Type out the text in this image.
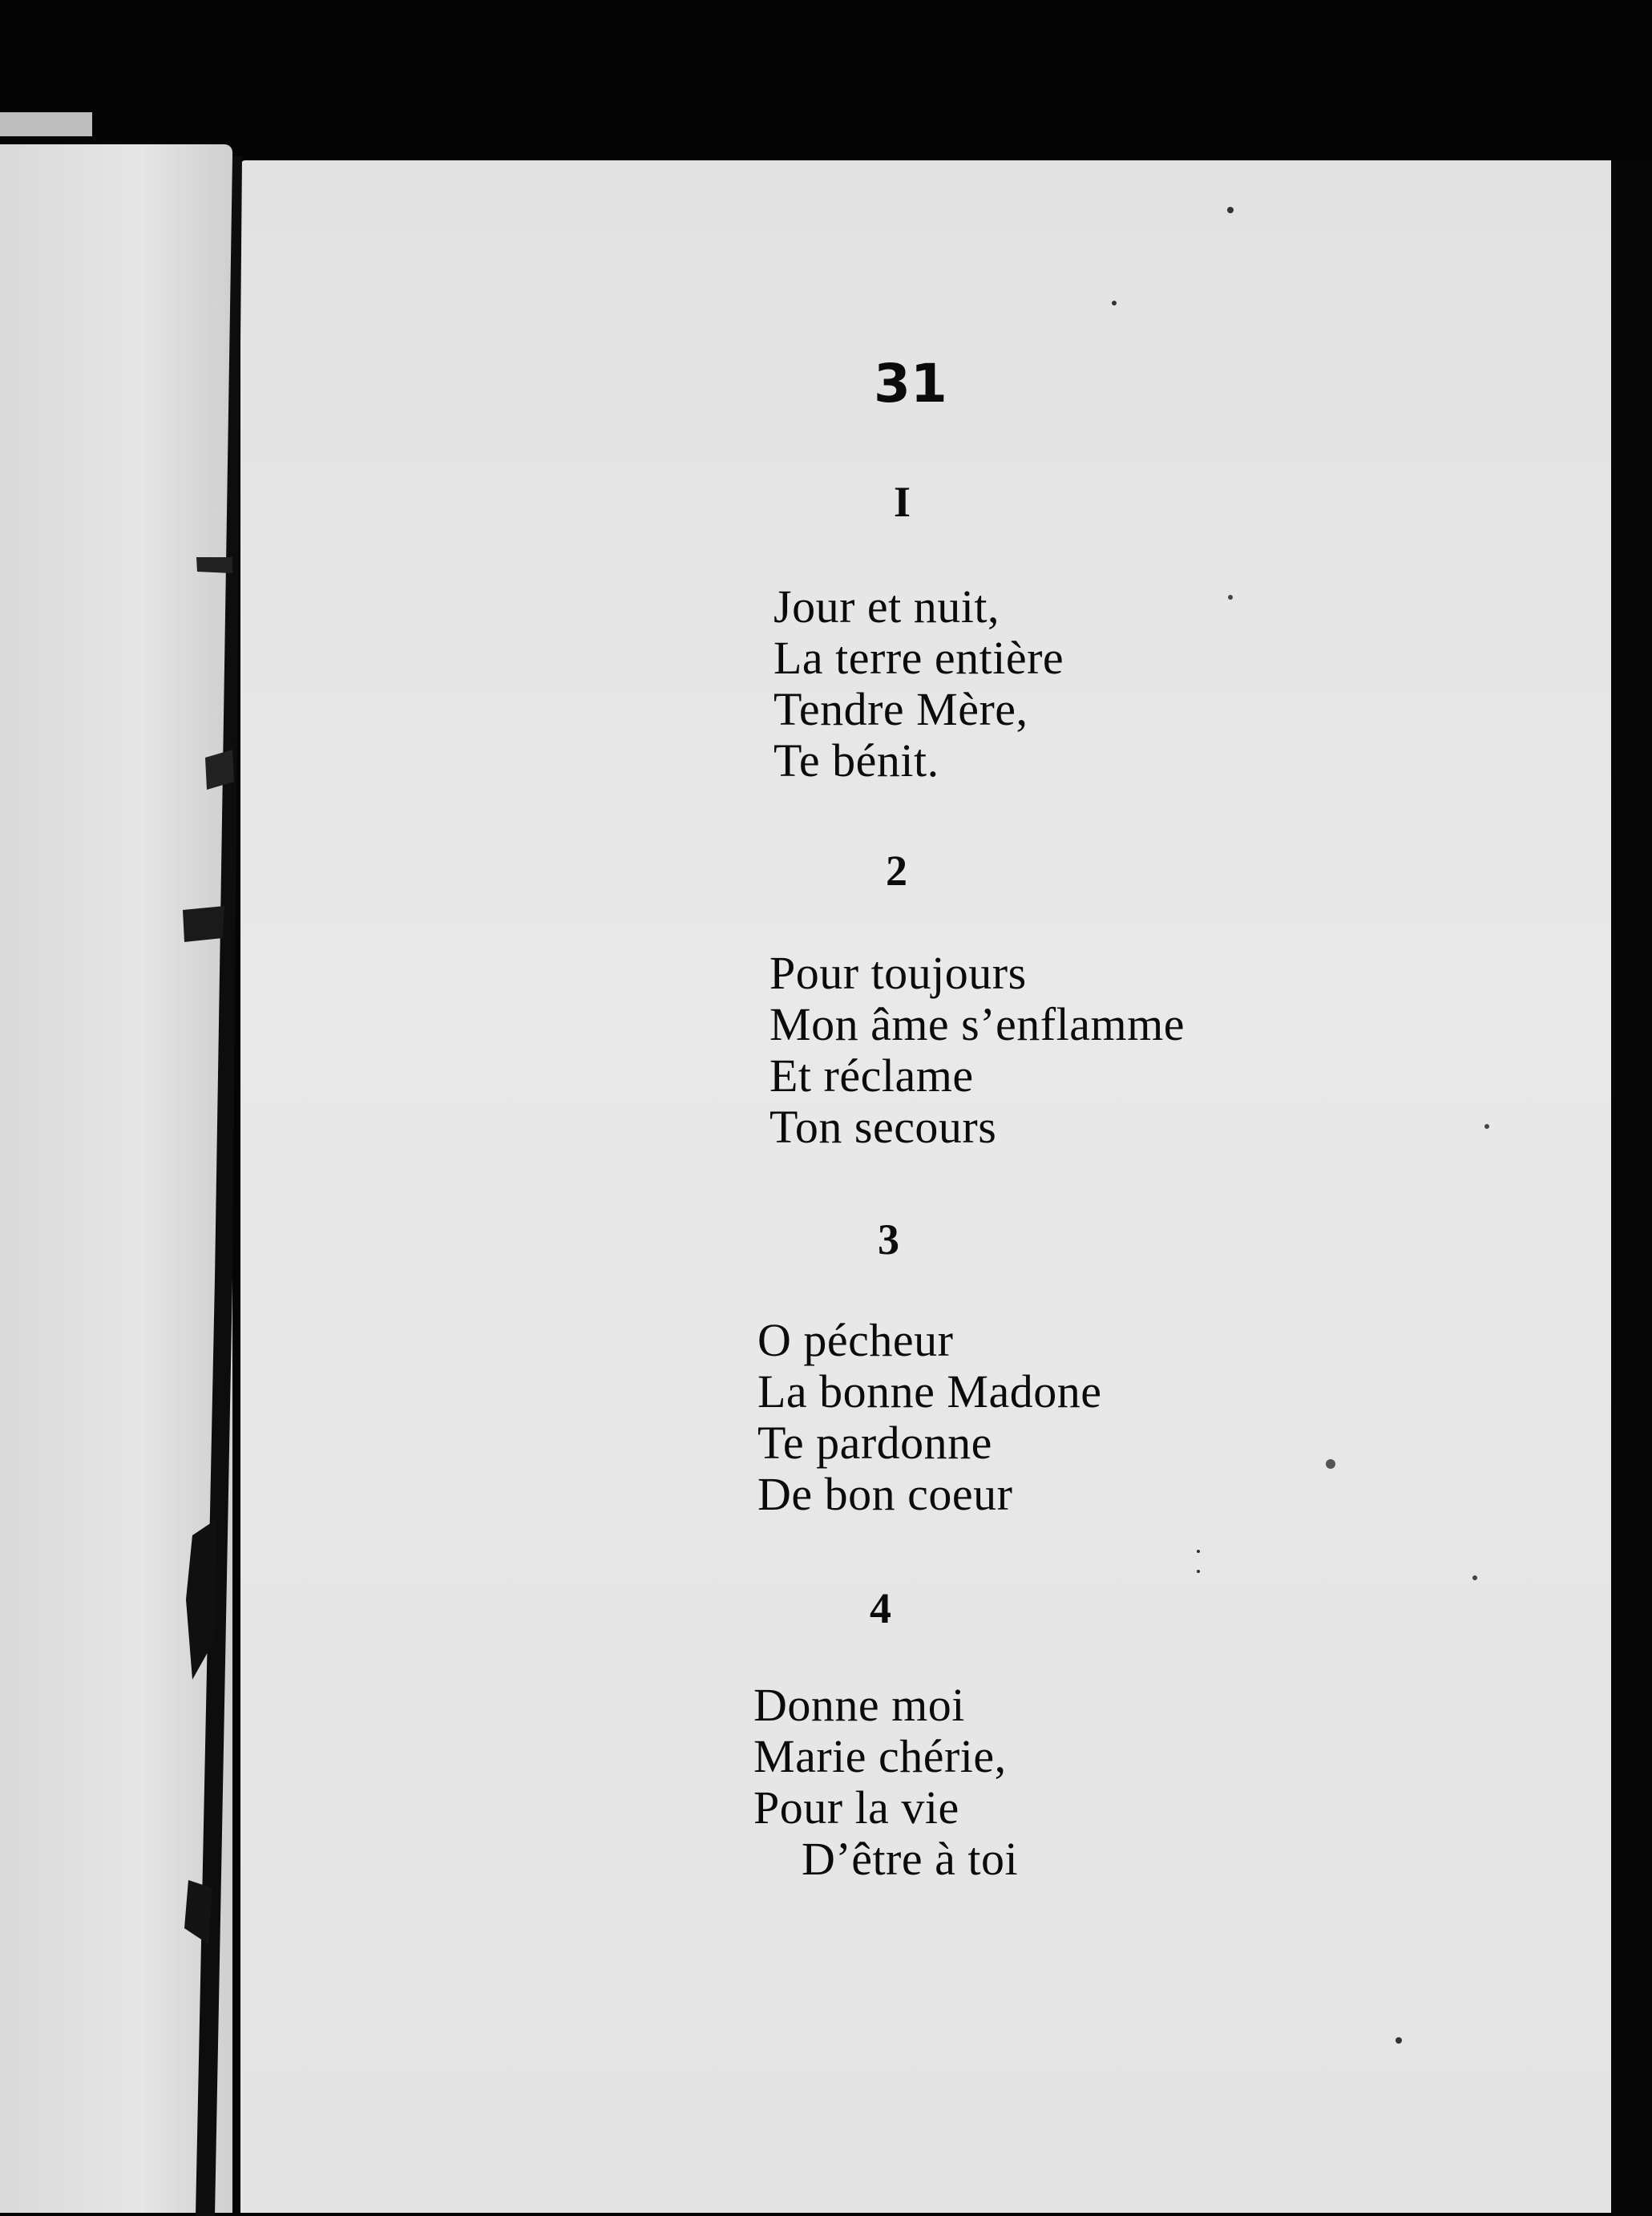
31
I
Jour et nuit,
La terre entière
Tendre Mère,
Te bénit.
2
Pour toujours
Mon âme s’enflamme
Et réclame
Ton secours
3
O pécheur
La bonne Madone
Te pardonne
De bon coeur
4
Donne moi
Marie chérie,
Pour la vie
D’être à toi
